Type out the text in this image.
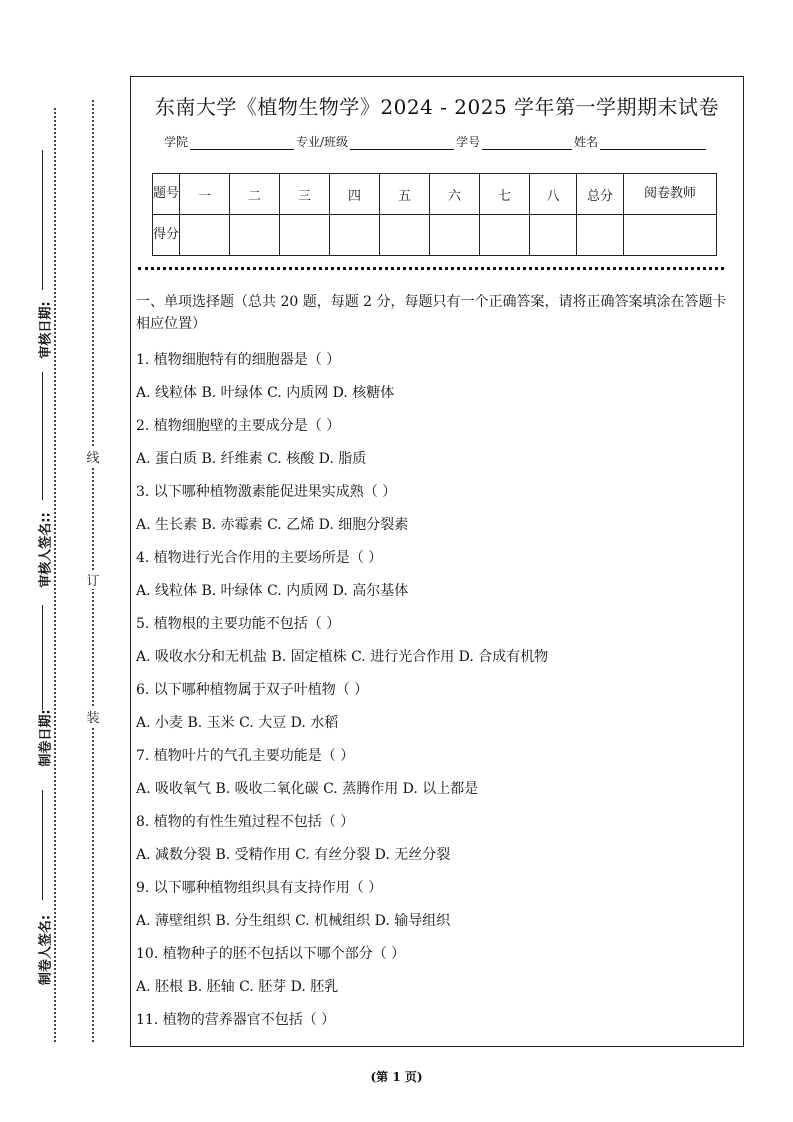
审核日期:
审核人签名::
制卷日期:
制卷人签名:
线
订
装
东南大学《植物生物学》2024 - 2025 学年第一学期期末试卷
学院	专业/班级	学号	姓名
题号	一	二	三	四	五	六	七	八	总分	阅卷教师
得分										
一、单项选择题（总共 20 题，每题 2 分，每题只有一个正确答案，请将正确答案填涂在答题卡相应位置）
1. 植物细胞特有的细胞器是（ ）
A. 线粒体 B. 叶绿体 C. 内质网 D. 核糖体
2. 植物细胞壁的主要成分是（ ）
A. 蛋白质 B. 纤维素 C. 核酸 D. 脂质
3. 以下哪种植物激素能促进果实成熟（ ）
A. 生长素 B. 赤霉素 C. 乙烯 D. 细胞分裂素
4. 植物进行光合作用的主要场所是（ ）
A. 线粒体 B. 叶绿体 C. 内质网 D. 高尔基体
5. 植物根的主要功能不包括（ ）
A. 吸收水分和无机盐 B. 固定植株 C. 进行光合作用 D. 合成有机物
6. 以下哪种植物属于双子叶植物（ ）
A. 小麦 B. 玉米 C. 大豆 D. 水稻
7. 植物叶片的气孔主要功能是（ ）
A. 吸收氧气 B. 吸收二氧化碳 C. 蒸腾作用 D. 以上都是
8. 植物的有性生殖过程不包括（ ）
A. 减数分裂 B. 受精作用 C. 有丝分裂 D. 无丝分裂
9. 以下哪种植物组织具有支持作用（ ）
A. 薄壁组织 B. 分生组织 C. 机械组织 D. 输导组织
10. 植物种子的胚不包括以下哪个部分（ ）
A. 胚根 B. 胚轴 C. 胚芽 D. 胚乳
11. 植物的营养器官不包括（ ）
(第 1 页)
